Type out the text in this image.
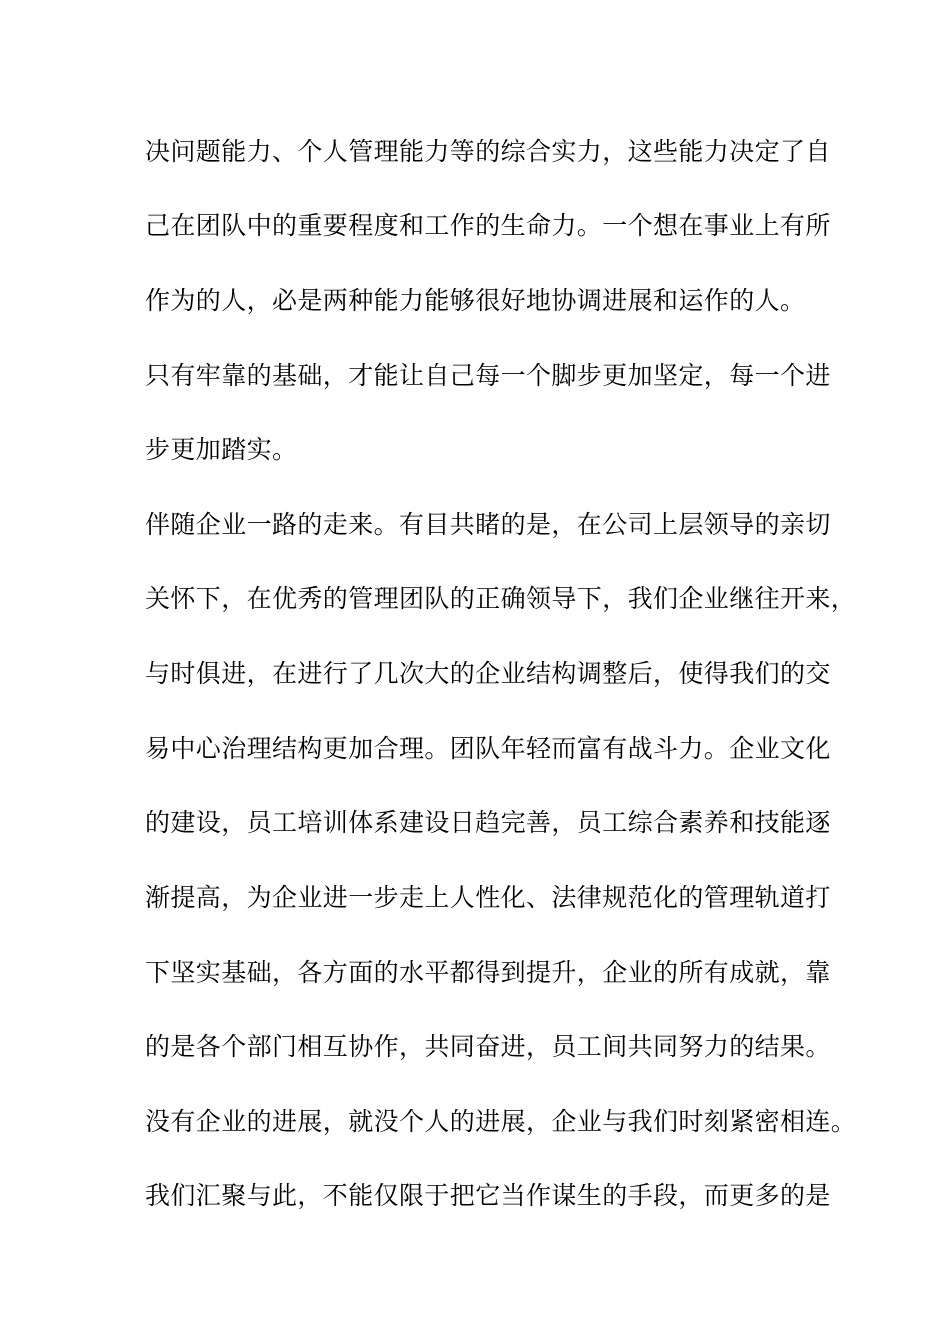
决问题能力、个人管理能力等的综合实力，这些能力决定了自
己在团队中的重要程度和工作的生命力。一个想在事业上有所
作为的人，必是两种能力能够很好地协调进展和运作的人。
只有牢靠的基础，才能让自己每一个脚步更加坚定，每一个进
步更加踏实。
伴随企业一路的走来。有目共睹的是，在公司上层领导的亲切
关怀下，在优秀的管理团队的正确领导下，我们企业继往开来，
与时俱进，在进行了几次大的企业结构调整后，使得我们的交
易中心治理结构更加合理。团队年轻而富有战斗力。企业文化
的建设，员工培训体系建设日趋完善，员工综合素养和技能逐
渐提高，为企业进一步走上人性化、法律规范化的管理轨道打
下坚实基础，各方面的水平都得到提升，企业的所有成就，靠
的是各个部门相互协作，共同奋进，员工间共同努力的结果。
没有企业的进展，就没个人的进展，企业与我们时刻紧密相连。
我们汇聚与此，不能仅限于把它当作谋生的手段，而更多的是
